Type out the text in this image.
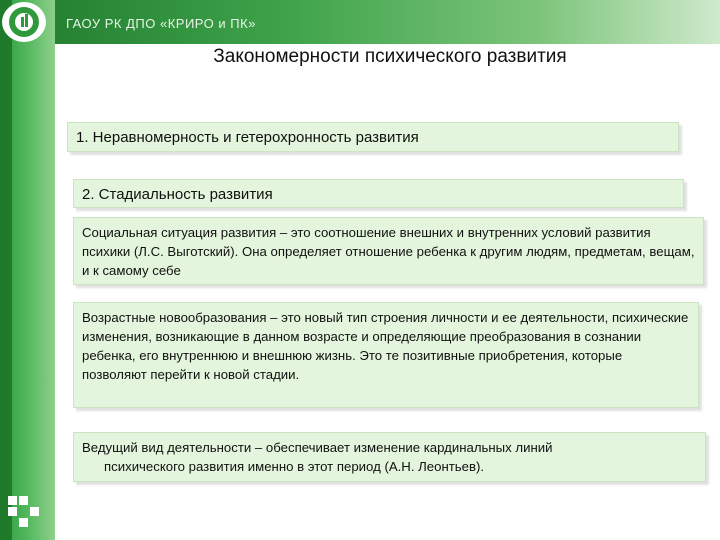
ГАОУ РК ДПО «КРИРО и ПК»
Закономерности психического развития
1. Неравномерность и гетерохронность развития
2. Стадиальность развития
Социальная ситуация развития – это соотношение внешних и внутренних условий развития психики (Л.С. Выготский). Она определяет отношение ребенка к другим людям, предметам, вещам, и к самому себе
Возрастные новообразования – это новый тип строения личности и ее деятельности, психические изменения, возникающие в данном возрасте и определяющие преобразования в сознании ребенка, его внутреннюю и внешнюю жизнь. Это те позитивные приобретения, которые позволяют перейти к новой стадии.
Ведущий вид деятельности – обеспечивает изменение кардинальных линий
психического развития именно в этот период (А.Н. Леонтьев).
